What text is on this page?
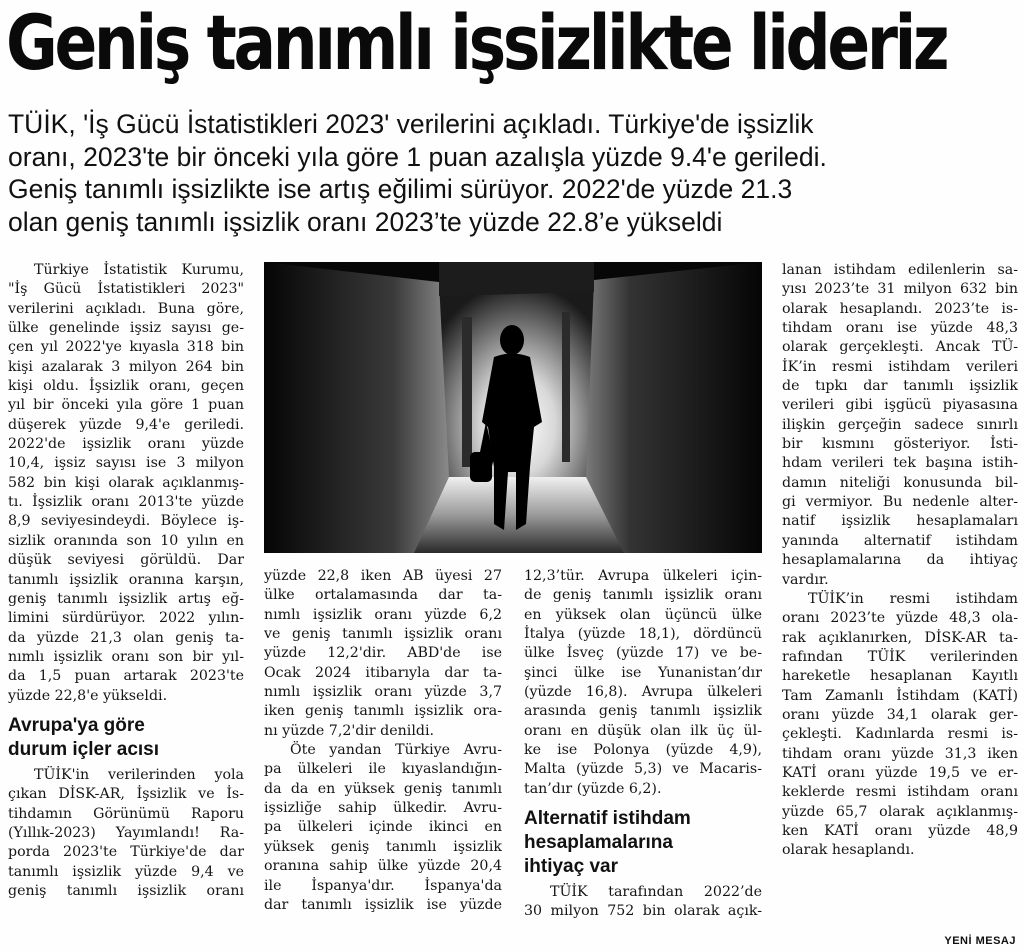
Geniş tanımlı işsizlikte lideriz
TÜİK, 'İş Gücü İstatistikleri 2023' verilerini açıkladı. Türkiye'de işsizlik
oranı, 2023'te bir önceki yıla göre 1 puan azalışla yüzde 9.4'e geriledi.
Geniş tanımlı işsizlikte ise artış eğilimi sürüyor. 2022'de yüzde 21.3
olan geniş tanımlı işsizlik oranı 2023’te yüzde 22.8’e yükseldi
Türkiye İstatistik Kurumu,
"İş Gücü İstatistikleri 2023"
verilerini açıkladı. Buna göre,
ülke genelinde işsiz sayısı ge-
çen yıl 2022'ye kıyasla 318 bin
kişi azalarak 3 milyon 264 bin
kişi oldu. İşsizlik oranı, geçen
yıl bir önceki yıla göre 1 puan
düşerek yüzde 9,4'e geriledi.
2022'de işsizlik oranı yüzde
10,4, işsiz sayısı ise 3 milyon
582 bin kişi olarak açıklanmış-
tı. İşsizlik oranı 2013'te yüzde
8,9 seviyesindeydi. Böylece iş-
sizlik oranında son 10 yılın en
düşük seviyesi görüldü. Dar
tanımlı işsizlik oranına karşın,
geniş tanımlı işsizlik artış eğ-
limini sürdürüyor. 2022 yılın-
da yüzde 21,3 olan geniş ta-
nımlı işsizlik oranı son bir yıl-
da 1,5 puan artarak 2023'te
yüzde 22,8'e yükseldi.
Avrupa'ya göre
durum içler acısı
TÜİK'in verilerinden yola
çıkan DİSK-AR, İşsizlik ve İs-
tihdamın Görünümü Raporu
(Yıllık-2023) Yayımlandı! Ra-
porda 2023'te Türkiye'de dar
tanımlı işsizlik yüzde 9,4 ve
geniş tanımlı işsizlik oranı
yüzde 22,8 iken AB üyesi 27
ülke ortalamasında dar ta-
nımlı işsizlik oranı yüzde 6,2
ve geniş tanımlı işsizlik oranı
yüzde 12,2'dir. ABD'de ise
Ocak 2024 itibarıyla dar ta-
nımlı işsizlik oranı yüzde 3,7
iken geniş tanımlı işsizlik ora-
nı yüzde 7,2'dir denildi.
Öte yandan Türkiye Avru-
pa ülkeleri ile kıyaslandığın-
da da en yüksek geniş tanımlı
işsizliğe sahip ülkedir. Avru-
pa ülkeleri içinde ikinci en
yüksek geniş tanımlı işsizlik
oranına sahip ülke yüzde 20,4
ile İspanya'dır. İspanya'da
dar tanımlı işsizlik ise yüzde
12,3’tür. Avrupa ülkeleri için-
de geniş tanımlı işsizlik oranı
en yüksek olan üçüncü ülke
İtalya (yüzde 18,1), dördüncü
ülke İsveç (yüzde 17) ve be-
şinci ülke ise Yunanistan’dır
(yüzde 16,8). Avrupa ülkeleri
arasında geniş tanımlı işsizlik
oranı en düşük olan ilk üç ül-
ke ise Polonya (yüzde 4,9),
Malta (yüzde 5,3) ve Macaris-
tan’dır (yüzde 6,2).
Alternatif istihdam
hesaplamalarına
ihtiyaç var
TÜİK tarafından 2022’de
30 milyon 752 bin olarak açık-
lanan istihdam edilenlerin sa-
yısı 2023’te 31 milyon 632 bin
olarak hesaplandı. 2023’te is-
tihdam oranı ise yüzde 48,3
olarak gerçekleşti. Ancak TÜ-
İK’in resmi istihdam verileri
de tıpkı dar tanımlı işsizlik
verileri gibi işgücü piyasasına
ilişkin gerçeğin sadece sınırlı
bir kısmını gösteriyor. İsti-
hdam verileri tek başına istih-
damın niteliği konusunda bil-
gi vermiyor. Bu nedenle alter-
natif işsizlik hesaplamaları
yanında alternatif istihdam
hesaplamalarına da ihtiyaç
vardır.
TÜİK’in resmi istihdam
oranı 2023’te yüzde 48,3 ola-
rak açıklanırken, DİSK-AR ta-
rafından TÜİK verilerinden
hareketle hesaplanan Kayıtlı
Tam Zamanlı İstihdam (KATİ)
oranı yüzde 34,1 olarak ger-
çekleşti. Kadınlarda resmi is-
tihdam oranı yüzde 31,3 iken
KATİ oranı yüzde 19,5 ve er-
keklerde resmi istihdam oranı
yüzde 65,7 olarak açıklanmış-
ken KATİ oranı yüzde 48,9
olarak hesaplandı.
YENİ MESAJ
